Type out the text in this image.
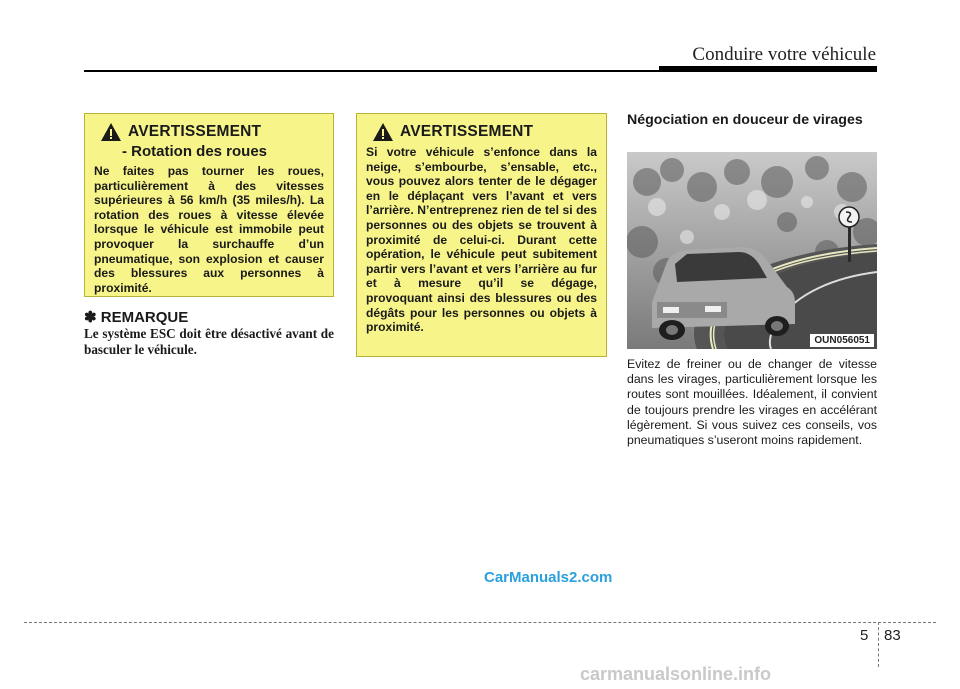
Conduire votre véhicule
AVERTISSEMENT
- Rotation des roues
Ne faites pas tourner les roues, particulièrement à des vitesses supérieures à 56 km/h (35 miles/h). La rotation des roues à vitesse élevée lorsque le véhicule est immobile peut provoquer la surchauffe d’un pneumatique, son explosion et causer des blessures aux personnes à proximité.
✽ REMARQUE
Le système ESC doit être désactivé avant de basculer le véhicule.
AVERTISSEMENT
Si votre véhicule s’enfonce dans la neige, s’embourbe, s’ensable, etc., vous pouvez alors tenter de le dégager en le déplaçant vers l’avant et vers l’arrière. N’entreprenez rien de tel si des personnes ou des objets se trouvent à proximité de celui-ci. Durant cette opération, le véhicule peut subitement partir vers l’avant et vers l’arrière au fur et à mesure qu’il se dégage, provoquant ainsi des blessures ou des dégâts pour les personnes ou objets à proximité.
Négociation en douceur de virages
OUN056051
Evitez de freiner ou de changer de vitesse dans les virages, particulièrement lorsque les routes sont mouillées. Idéalement, il convient de toujours prendre les virages en accélérant légèrement. Si vous suivez ces conseils, vos pneumatiques s’useront moins rapidement.
CarManuals2.com
5 83
carmanualsonline.info
